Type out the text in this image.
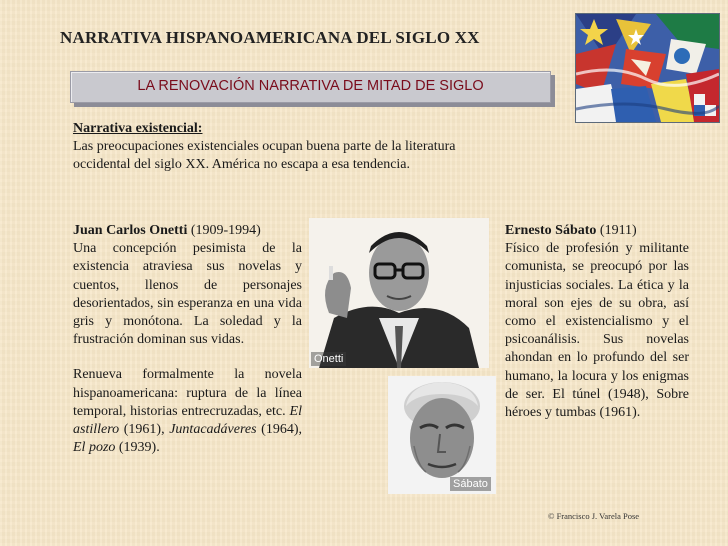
NARRATIVA HISPANOAMERICANA DEL SIGLO XX
LA RENOVACIÓN NARRATIVA DE MITAD DE SIGLO
Narrativa existencial:
Las preocupaciones existenciales ocupan buena parte de la literatura occidental del siglo XX. América no escapa a esa tendencia.
Juan Carlos Onetti (1909-1994)
Una concepción pesimista de la existencia atraviesa sus novelas y cuentos, llenos de personajes desorientados, sin esperanza en una vida gris y monótona. La soledad y la frustración dominan sus vidas.
Renueva formalmente la novela hispanoamericana: ruptura de la línea temporal, historias entrecruzadas, etc. El astillero (1961), Juntacadáveres (1964), El pozo (1939).
Onetti
Sábato
Ernesto Sábato (1911)
Físico de profesión y militante comunista, se preocupó por las injusticias sociales. La ética y la moral son ejes de su obra, así como el existencialismo y el psicoanálisis. Sus novelas ahondan en lo profundo del ser humano, la locura y los enigmas de ser. El túnel (1948), Sobre héroes y tumbas (1961).
© Francisco J. Varela Pose
